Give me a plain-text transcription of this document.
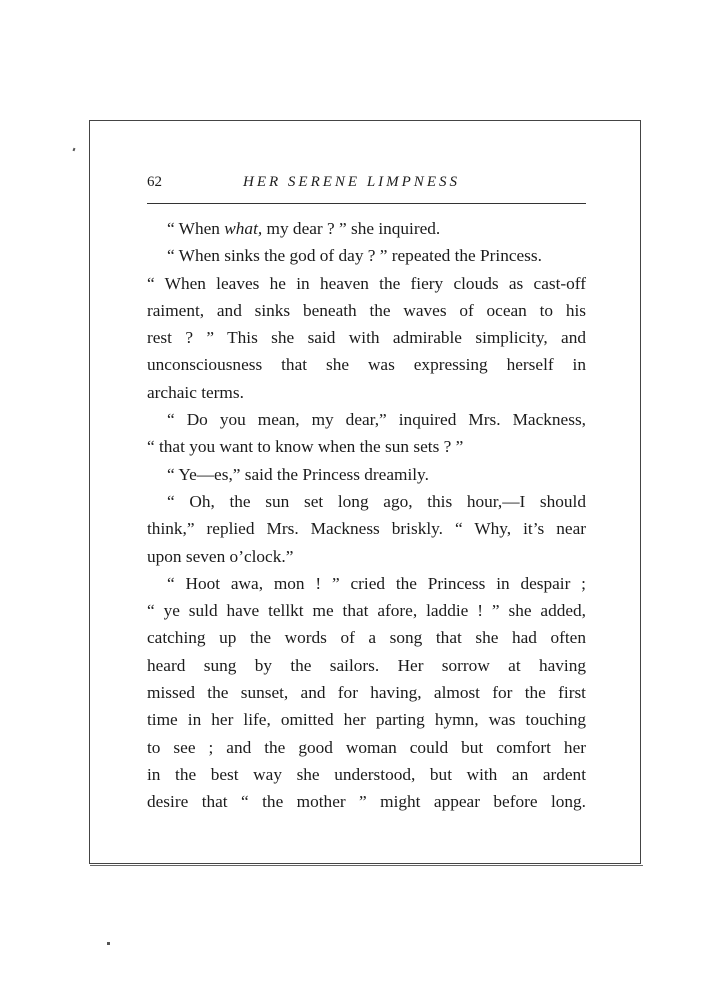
62	HER SERENE LIMPNESS
“ When what, my dear ? ” she inquired.
“ When sinks the god of day ? ” repeated the Princess.
“ When leaves he in heaven the fiery clouds as cast-off
raiment, and sinks beneath the waves of ocean to his
rest ? ” This she said with admirable simplicity, and
unconsciousness that she was expressing herself in
archaic terms.
“ Do you mean, my dear,” inquired Mrs. Mackness,
“ that you want to know when the sun sets ? ”
“ Ye—es,” said the Princess dreamily.
“ Oh, the sun set long ago, this hour,—I should
think,” replied Mrs. Mackness briskly. “ Why, it’s near
upon seven o’clock.”
“ Hoot awa, mon ! ” cried the Princess in despair ;
“ ye suld have tellkt me that afore, laddie ! ” she added,
catching up the words of a song that she had often
heard sung by the sailors. Her sorrow at having
missed the sunset, and for having, almost for the first
time in her life, omitted her parting hymn, was touching
to see ; and the good woman could but comfort her
in the best way she understood, but with an ardent
desire that “ the mother ” might appear before long.
